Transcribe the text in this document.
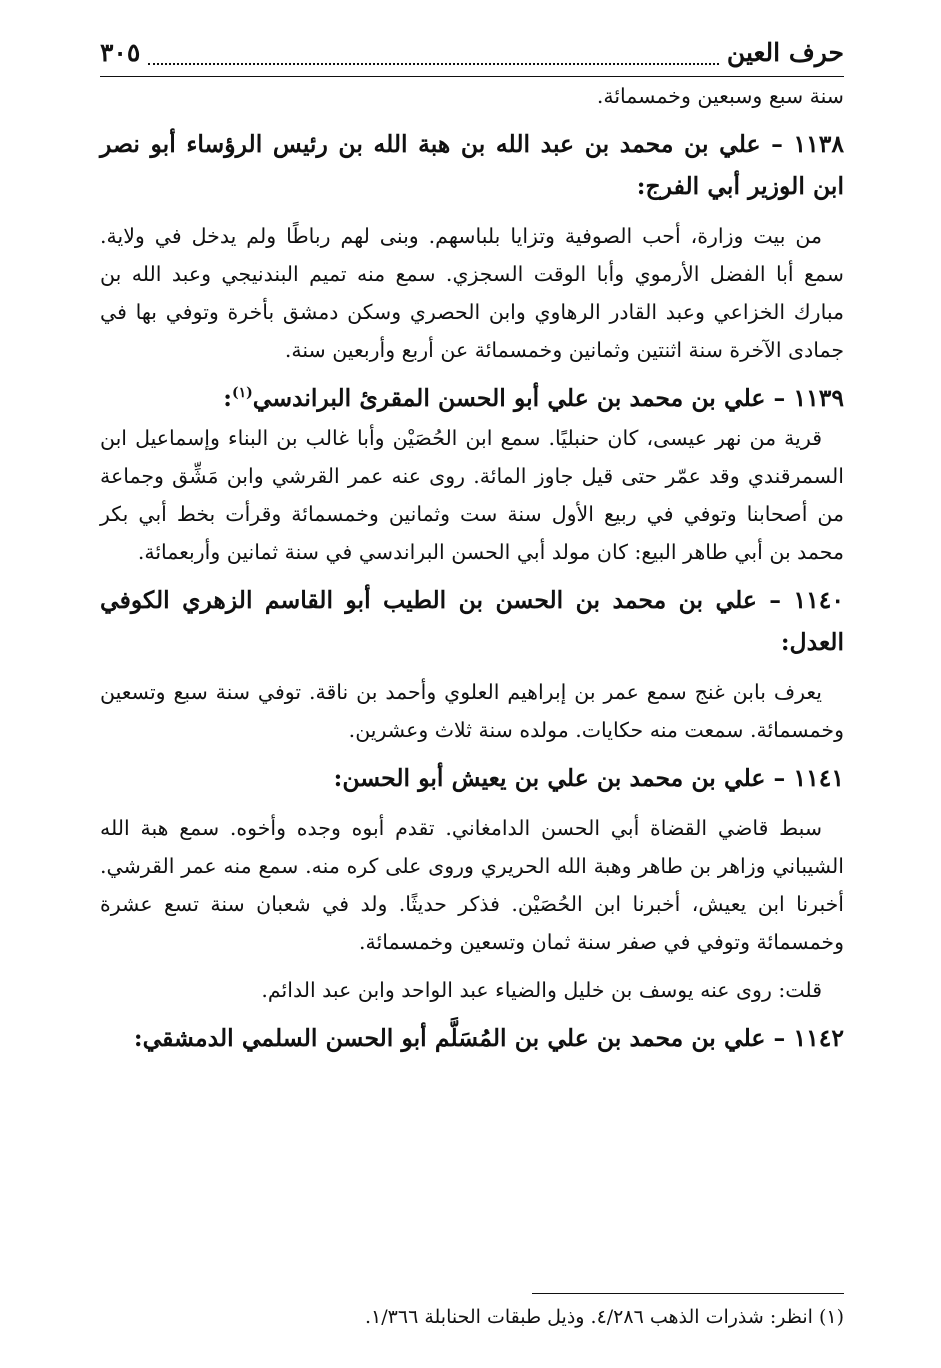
حرف العين
٣٠٥

سنة سبع وسبعين وخمسمائة.

١١٣٨ – علي بن محمد بن عبد الله بن هبة الله بن رئيس الرؤساء أبو نصر ابن الوزير أبي الفرج:

من بيت وزارة، أحب الصوفية وتزايا بلباسهم. وبنى لهم رباطًا ولم يدخل في ولاية. سمع أبا الفضل الأرموي وأبا الوقت السجزي. سمع منه تميم البندنيجي وعبد الله بن مبارك الخزاعي وعبد القادر الرهاوي وابن الحصري وسكن دمشق بأخرة وتوفي بها في جمادى الآخرة سنة اثنتين وثمانين وخمسمائة عن أربع وأربعين سنة.

١١٣٩ – علي بن محمد بن علي أبو الحسن المقرئ البراندسي$^{(١)}$:

قرية من نهر عيسى، كان حنبليًا. سمع ابن الحُصَيْن وأبا غالب بن البناء وإسماعيل ابن السمرقندي وقد عمّر حتى قيل جاوز المائة. روى عنه عمر القرشي وابن مَشِّق وجماعة من أصحابنا وتوفي في ربيع الأول سنة ست وثمانين وخمسمائة وقرأت بخط أبي بكر محمد بن أبي طاهر البيع: كان مولد أبي الحسن البراندسي في سنة ثمانين وأربعمائة.

١١٤٠ – علي بن محمد بن الحسن بن الطيب أبو القاسم الزهري الكوفي العدل:

يعرف بابن غنج سمع عمر بن إبراهيم العلوي وأحمد بن ناقة. توفي سنة سبع وتسعين وخمسمائة. سمعت منه حكايات. مولده سنة ثلاث وعشرين.

١١٤١ – علي بن محمد بن علي بن يعيش أبو الحسن:

سبط قاضي القضاة أبي الحسن الدامغاني. تقدم أبوه وجده وأخوه. سمع هبة الله الشيباني وزاهر بن طاهر وهبة الله الحريري وروى على كره منه. سمع منه عمر القرشي. أخبرنا ابن يعيش، أخبرنا ابن الحُصَيْن. فذكر حديثًا. ولد في شعبان سنة تسع عشرة وخمسمائة وتوفي في صفر سنة ثمان وتسعين وخمسمائة.

قلت: روى عنه يوسف بن خليل والضياء عبد الواحد وابن عبد الدائم.

١١٤٢ – علي بن محمد بن علي بن المُسَلَّم أبو الحسن السلمي الدمشقي:

(١) انظر: شذرات الذهب ٤/٢٨٦. وذيل طبقات الحنابلة ١/٣٦٦.
